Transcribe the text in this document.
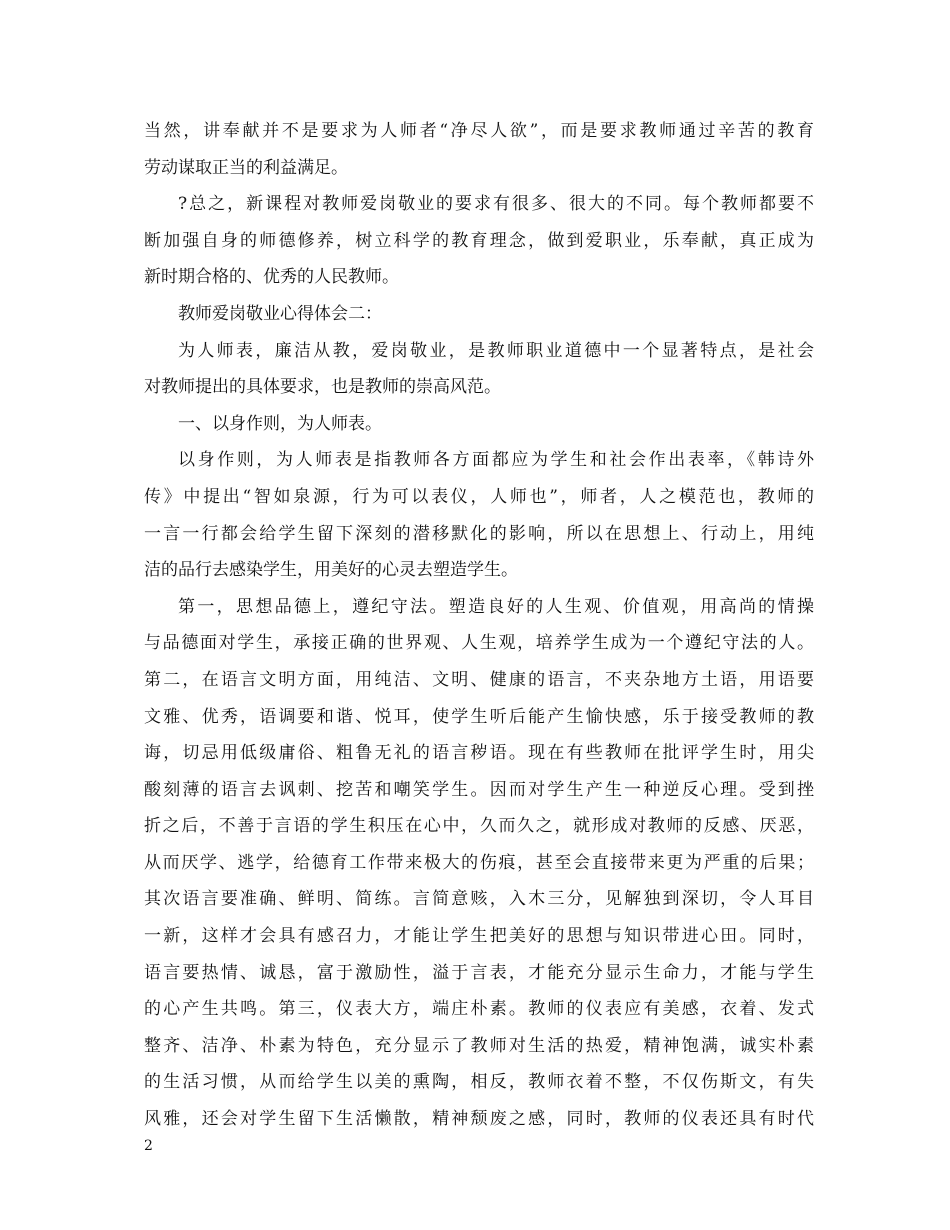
当然，讲奉献并不是要求为人师者“净尽人欲”，而是要求教师通过辛苦的教育
劳动谋取正当的利益满足。
?总之，新课程对教师爱岗敬业的要求有很多、很大的不同。每个教师都要不
断加强自身的师德修养，树立科学的教育理念，做到爱职业，乐奉献，真正成为
新时期合格的、优秀的人民教师。
教师爱岗敬业心得体会二：
为人师表，廉洁从教，爱岗敬业，是教师职业道德中一个显著特点，是社会
对教师提出的具体要求，也是教师的崇高风范。
一、以身作则，为人师表。
以身作则，为人师表是指教师各方面都应为学生和社会作出表率，《韩诗外
传》中提出“智如泉源，行为可以表仪，人师也”，师者，人之模范也，教师的
一言一行都会给学生留下深刻的潜移默化的影响，所以在思想上、行动上，用纯
洁的品行去感染学生，用美好的心灵去塑造学生。
第一，思想品德上，遵纪守法。塑造良好的人生观、价值观，用高尚的情操
与品德面对学生，承接正确的世界观、人生观，培养学生成为一个遵纪守法的人。
第二，在语言文明方面，用纯洁、文明、健康的语言，不夹杂地方土语，用语要
文雅、优秀，语调要和谐、悦耳，使学生听后能产生愉快感，乐于接受教师的教
诲，切忌用低级庸俗、粗鲁无礼的语言秽语。现在有些教师在批评学生时，用尖
酸刻薄的语言去讽刺、挖苦和嘲笑学生。因而对学生产生一种逆反心理。受到挫
折之后，不善于言语的学生积压在心中，久而久之，就形成对教师的反感、厌恶，
从而厌学、逃学，给德育工作带来极大的伤痕，甚至会直接带来更为严重的后果；
其次语言要准确、鲜明、简练。言简意赅，入木三分，见解独到深切，令人耳目
一新，这样才会具有感召力，才能让学生把美好的思想与知识带进心田。同时，
语言要热情、诚恳，富于激励性，溢于言表，才能充分显示生命力，才能与学生
的心产生共鸣。第三，仪表大方，端庄朴素。教师的仪表应有美感，衣着、发式
整齐、洁净、朴素为特色，充分显示了教师对生活的热爱，精神饱满，诚实朴素
的生活习惯，从而给学生以美的熏陶，相反，教师衣着不整，不仅伤斯文，有失
风雅，还会对学生留下生活懒散，精神颓废之感，同时，教师的仪表还具有时代
2
